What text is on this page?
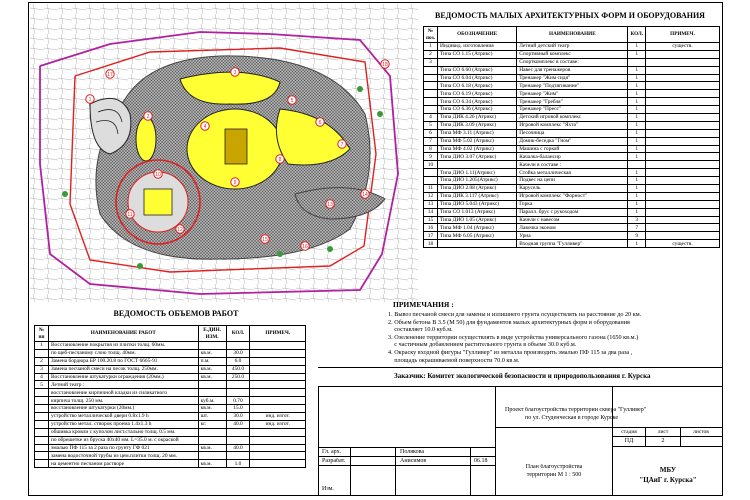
1
2
3
4
5
6
7
8
9
10
11
12
13
14
15
16
17
18
ВЕДОМОСТЬ МАЛЫХ АРХИТЕКТУРНЫХ ФОРМ И ОБОРУДОВАНИЯ
№ поз.	ОБОЗНАЧЕНИЕ	НАИМЕНОВАНИЕ	КОЛ.	ПРИМЕЧ.
1	Индивид. изготовления	Летний детский театр	1	существ.
2	Типа СО 1.15 (Атрикс)	Спортивный комплекс	1	
3		Спорткомплекс в составе:		
	Типа СО 6.60 (Атрикс)	Навес для тренажеров	1	
	Типа СО 6.04 (Атрикс)	Тренажер "Жим сидя"	1	
	Типа СО 6.18 (Атрикс)	Тренажер "Подтягивание"	1	
	Типа СО 6.19 (Атрикс)	Тренажер "Жим"	1	
	Типа СО 6.34 (Атрикс)	Тренажер "Гребля"	1	
	Типа СО 6.36 (Атрикс)	Тренажер "Пресс"	1	
4	Типа ДИК 4.26 (Атрикс)	Детский игровой комплекс	1	
5	Типа ДИК 3.09 (Атрикс)	Игровой комплекс "Яхта"	1	
6	Типа МФ 3.11 (Атрикс)	Песочница	1	
7	Типа МФ 5.02 (Атрикс)	Домик-беседка "Гном"	1	
8	Типа МФ 4.02 (Атрикс)	Машина с горкой	1	
9	Типа ДИО 3.07 (Атрикс)	Качалка-балансир	1	
10		Качели в составе :		
	Типа ДИО 1.11(Атрикс)	Стойка металлическая	1	
	Типа ДИО 1.205(Атрикс)	Подвес на цепи	1	
11	Типа ДИО 2.08 (Атрикс)	Карусель	1	
12	Типа ДИК 3.117 (Атрикс)	Игровой комплекс "Форност"	1	
13	Типа ДИО 5.043 (Атрикс)	Горка	1	
14	Типа СО 1.013 (Атрикс)	Паралл. брус с рукоходом	1	
15	Типа ДИО 1.05 (Атрикс)	Качели с навесом	3	
16	Типа МФ 1.04 (Атрикс)	Лавочка эконом	7	
17	Типа МФ 6.05 (Атрикс)	Урна	9	
18		Входная группа "Гулливер"	1	существ.
ВЕДОМОСТЬ ОБЪЕМОВ РАБОТ
№ пп	НАИМЕНОВАНИЕ РАБОТ	Е.ДИН. ИЗМ.	КОЛ.	ПРИМЕЧ.
1	Восстановление покрытия из плитки толщ. 60мм.			
	по щеб-песчаному слою толщ. 40мм.	кв.м.	30.0	
2	Замена бордюра БР 100.20.8 по ГОСТ 6665-91	п.м.	6.0	
3	Замена песчаной смеси на песок толщ. 250мм.	кв.м.	450.0	
4	Восстановление штукатурки ограждения (20мм.)	кв.м.	250.0	
5	Летний театр :			
	восстановление кирпичной кладки из силикатного			
	кирпича толщ. 250 мм.	куб.м.	0.70	
	восстановление штукатурки (20мм.)	кв.м.	15.0	
	устройство металлической двери 0.8х1.9 h	шт.	30.0	инд. изгот.
	устройство метал. створок проема 1.4х1.3 h	кг.	40.0	инд. изгот.
	обшивка кровли с куполом лист.стально толщ. 0.5 мм.			
	по обрешетке из бруска 40х40 мм. L=35.0 м. с окраской			
	эмалью ПФ 115 за 2 раза по грунту ГФ 021	кв.м.	40.0	
	замена водосточной трубы из цем.плитки толщ. 20 мм.			
	на цементно песчаном растворе	кв.м.	1.0	
ПРИМЕЧАНИЯ :
1. Вывоз песчаной смеси для замены и излишнего грунта осуществлять на расстояние до 20 км.
2. Объем бетона В 3.5 (М 50) для фундаментов малых архитектурных форм и оборудования
составляет 10.0 куб.м.
3. Озеленение территории осуществлять в виде устройства универсального газона (1650 кв.м.)
с частичным добавлением растительного грунта в объеме 30.0 куб.м.
4. Окраску входной фигуры "Гулливер" из металла производить эмалью ПФ 115 за два раза ,
площадь окрашиваемой поверхности 70.0 кв.м.
Заказчик: Комитет экологической безопасности и природопользования г. Курска
Проект благоустройства территории сквера "Гулливер"
по ул. Студенческая в городе Курске
стадия	лист	листов
ПД	2
План благоустройства
территории М 1 : 500
МБУ
"ЦАиГ г. Курска"
Гл. арх.	Полякова
Разрабат.	Анисимов	06.18
Изм.
